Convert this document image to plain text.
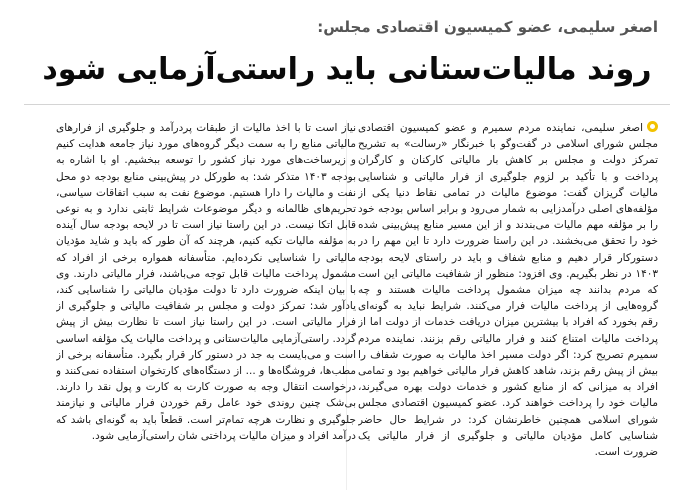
اصغر سلیمی، عضو کمیسیون اقتصادی مجلس:
روند مالیات‌ستانی باید راستی‌آزمایی شود

اصغر سلیمی، نماینده مردم سمیرم و عضو کمیسیون اقتصادی مجلس شورای اسلامی در گفت‌وگو با خبرنگار «رسالت» به تشریح تمرکز دولت و مجلس بر کاهش بار مالیاتی کارکنان و کارگران پرداخت و با تأکید بر لزوم جلوگیری از فرار مالیاتی و شناسایی مالیات گریزان گفت: موضوع مالیات در تمامی نقاط دنیا یکی از مؤلفه‌های اصلی درآمدزایی به شمار می‌رود و برابر اساس بودجه خود را بر مؤلفه مهم مالیات می‌بندند و از این مسیر منابع پیش‌بینی شده خود را تحقق می‌بخشند. در این راستا ضرورت دارد تا این مهم را در دستورکار قرار دهیم و منابع شفاف و باید در راستای لایحه بودجه ۱۴۰۳ در نظر بگیریم. وی افزود: منظور از شفافیت مالیاتی این است که مردم بدانند چه میزان مشمول پرداخت مالیات هستند و چه گروه‌هایی از پرداخت مالیات فرار می‌کنند. شرایط نباید به گونه‌ای رقم بخورد که افراد با بیشترین میزان دریافت خدمات از دولت اما از پرداخت مالیات امتناع کنند و فرار مالیاتی رقم بزنند. نماینده مردم سمیرم تصریح کرد: اگر دولت مسیر اخذ مالیات به صورت شفاف را بیش از پیش رقم بزند، شاهد کاهش فرار مالیاتی خواهیم بود و تمامی افراد به میزانی که از منابع کشور و خدمات دولت بهره می‌گیرند، مالیات خود را پرداخت خواهند کرد. عضو کمیسیون اقتصادی مجلس شورای اسلامی همچنین خاطرنشان کرد: در شرایط حال حاضر شناسایی کامل مؤدیان مالیاتی و جلوگیری از فرار مالیاتی یک ضرورت است.

نیاز است تا با اخذ مالیات از طبقات پردرآمد و جلوگیری از فرارهای مالیاتی منابع را به سمت دیگر گروه‌های مورد نیاز جامعه هدایت کنیم و زیرساخت‌های مورد نیاز کشور را توسعه ببخشیم. او با اشاره به بودجه ۱۴۰۳ متذکر شد: به طورکل در پیش‌بینی منابع بودجه دو محل نفت و مالیات را دارا هستیم. موضوع نفت به سبب اتفاقات سیاسی، تحریم‌های ظالمانه و دیگر موضوعات شرایط ثابتی ندارد و به نوعی قابل اتکا نیست. در این راستا نیاز است تا در لایحه بودجه سال آینده به مؤلفه مالیات تکیه کنیم، هرچند که آن طور که باید و شاید مؤدیان مالیاتی را شناسایی نکرده‌ایم. متأسفانه همواره برخی از افراد که مشمول پرداخت مالیات قابل توجه می‌باشند، فرار مالیاتی دارند. وی با بیان اینکه ضرورت دارد تا دولت مؤدیان مالیاتی را شناسایی کند، یادآور شد: تمرکز دولت و مجلس بر شفافیت مالیاتی و جلوگیری از فرار مالیاتی است. در این راستا نیاز است تا نظارت بیش از پیش گردد. راستی‌آزمایی مالیات‌ستانی و پرداخت مالیات یک مؤلفه اساسی است و می‌بایست به جد در دستور کار قرار بگیرد. متأسفانه برخی از مطب‌ها، فروشگاه‌ها و ... از دستگاه‌های کارتخوان استفاده نمی‌کنند و درخواست انتقال وجه به صورت کارت به کارت و پول نقد را دارند. بی‌شک چنین روندی خود عامل رقم خوردن فرار مالیاتی و نیازمند جلوگیری و نظارت هرچه تمام‌تر است. قطعاً باید به گونه‌ای باشد که درآمد افراد و میزان مالیات پرداختی شان راستی‌آزمایی شود.
